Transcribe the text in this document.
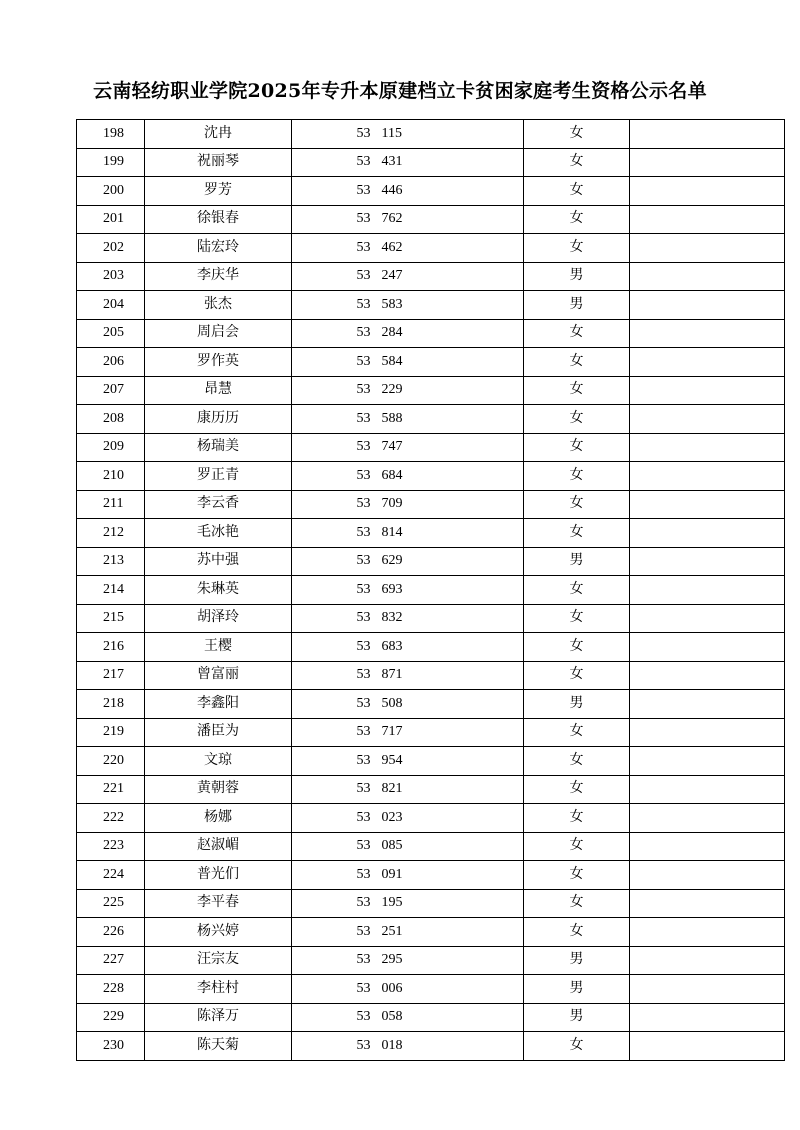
云南轻纺职业学院2025年专升本原建档立卡贫困家庭考生资格公示名单
198	沈冉	53	115	女	
199	祝丽琴	53	431	女	
200	罗芳	53	446	女	
201	徐银春	53	762	女	
202	陆宏玲	53	462	女	
203	李庆华	53	247	男	
204	张杰	53	583	男	
205	周启会	53	284	女	
206	罗作英	53	584	女	
207	昂慧	53	229	女	
208	康历历	53	588	女	
209	杨瑞美	53	747	女	
210	罗正青	53	684	女	
211	李云香	53	709	女	
212	毛冰艳	53	814	女	
213	苏中强	53	629	男	
214	朱琳英	53	693	女	
215	胡泽玲	53	832	女	
216	王樱	53	683	女	
217	曾富丽	53	871	女	
218	李鑫阳	53	508	男	
219	潘臣为	53	717	女	
220	文琼	53	954	女	
221	黄朝蓉	53	821	女	
222	杨娜	53	023	女	
223	赵淑嵋	53	085	女	
224	普光们	53	091	女	
225	李平春	53	195	女	
226	杨兴婷	53	251	女	
227	汪宗友	53	295	男	
228	李柱村	53	006	男	
229	陈泽万	53	058	男	
230	陈天菊	53	018	女	
